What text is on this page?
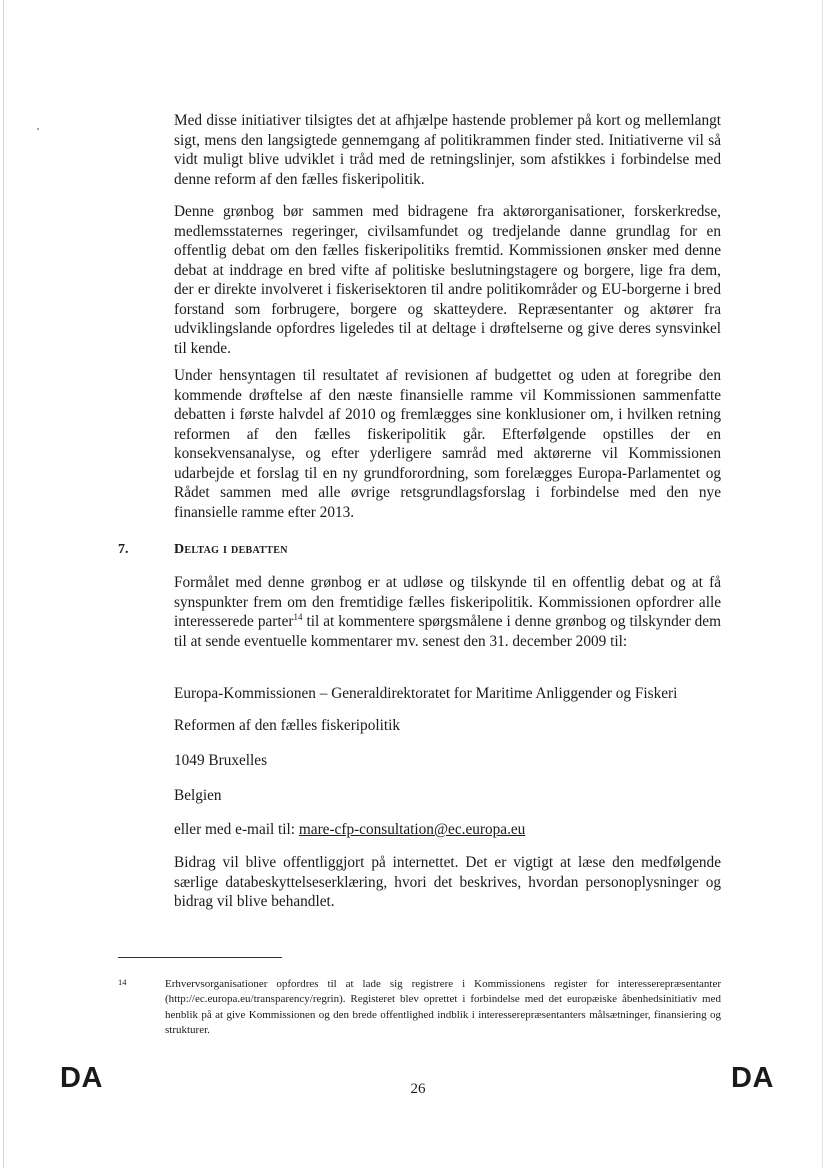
Med disse initiativer tilsigtes det at afhjælpe hastende problemer på kort og mellemlangt sigt, mens den langsigtede gennemgang af politikrammen finder sted. Initiativerne vil så vidt muligt blive udviklet i tråd med de retningslinjer, som afstikkes i forbindelse med denne reform af den fælles fiskeripolitik.

Denne grønbog bør sammen med bidragene fra aktørorganisationer, forskerkredse, medlemsstaternes regeringer, civilsamfundet og tredjelande danne grundlag for en offentlig debat om den fælles fiskeripolitiks fremtid. Kommissionen ønsker med denne debat at inddrage en bred vifte af politiske beslutningstagere og borgere, lige fra dem, der er direkte involveret i fiskerisektoren til andre politikområder og EU-borgerne i bred forstand som forbrugere, borgere og skatteydere. Repræsentanter og aktører fra udviklingslande opfordres ligeledes til at deltage i drøftelserne og give deres synsvinkel til kende.

Under hensyntagen til resultatet af revisionen af budgettet og uden at foregribe den kommende drøftelse af den næste finansielle ramme vil Kommissionen sammenfatte debatten i første halvdel af 2010 og fremlægges sine konklusioner om, i hvilken retning reformen af den fælles fiskeripolitik går. Efterfølgende opstilles der en konsekvensanalyse, og efter yderligere samråd med aktørerne vil Kommissionen udarbejde et forslag til en ny grundforordning, som forelægges Europa-Parlamentet og Rådet sammen med alle øvrige retsgrundlagsforslag i forbindelse med den nye finansielle ramme efter 2013.

7.	Deltag i debatten

Formålet med denne grønbog er at udløse og tilskynde til en offentlig debat og at få synspunkter frem om den fremtidige fælles fiskeripolitik. Kommissionen opfordrer alle interesserede parter$^{14}$ til at kommentere spørgsmålene i denne grønbog og tilskynder dem til at sende eventuelle kommentarer mv. senest den 31. december 2009 til:

Europa-Kommissionen – Generaldirektoratet for Maritime Anliggender og Fiskeri
Reformen af den fælles fiskeripolitik
1049 Bruxelles
Belgien
eller med e-mail til: mare-cfp-consultation@ec.europa.eu

Bidrag vil blive offentliggjort på internettet. Det er vigtigt at læse den medfølgende særlige databeskyttelseserklæring, hvori det beskrives, hvordan personoplysninger og bidrag vil blive behandlet.

14	Erhvervsorganisationer opfordres til at lade sig registrere i Kommissionens register for interesserepræsentanter (http://ec.europa.eu/transparency/regrin). Registeret blev oprettet i forbindelse med det europæiske åbenhedsinitiativ med henblik på at give Kommissionen og den brede offentlighed indblik i interesserepræsentanters målsætninger, finansiering og strukturer.

DA	26	DA
